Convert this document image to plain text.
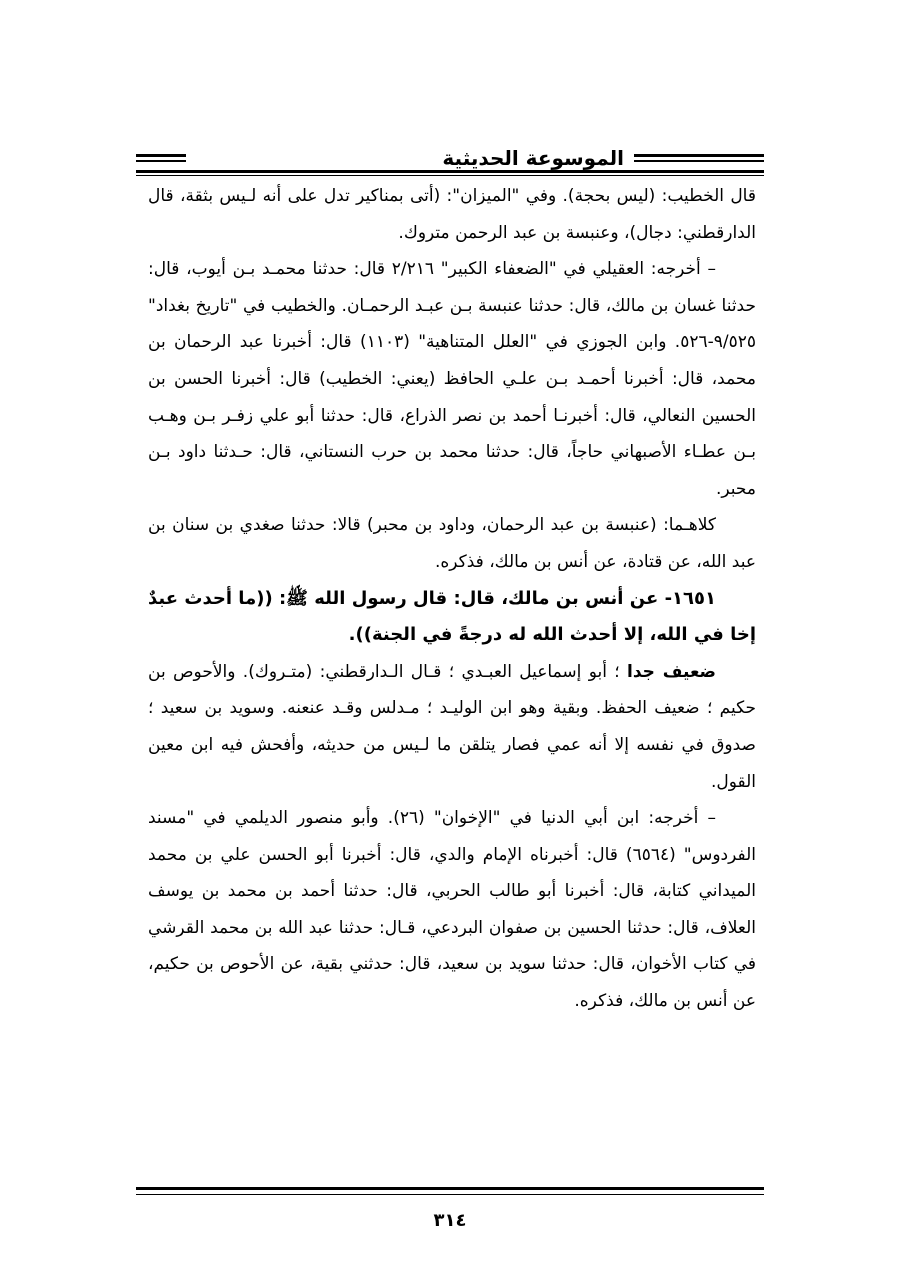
الموسوعة الحديثية

قال الخطيب: (ليس بحجة). وفي "الميزان": (أتى بمناكير تدل على أنه لـيس بثقة، قال الدارقطني: دجال)، وعنبسة بن عبد الرحمن متروك.

– أخرجه: العقيلي في "الضعفاء الكبير" ٢/٢١٦ قال: حدثنا محمـد بـن أيوب، قال: حدثنا غسان بن مالك، قال: حدثنا عنبسة بـن عبـد الرحمـان. والخطيب في "تاريخ بغداد" ٩/٥٢٥-٥٢٦. وابن الجوزي في "العلل المتناهية" (١١٠٣) قال: أخبرنا عبد الرحمان بن محمد، قال: أخبرنا أحمـد بـن علـي الحافظ (يعني: الخطيب) قال: أخبرنا الحسن بن الحسين النعالي، قال: أخبرنـا أحمد بن نصر الذراع، قال: حدثنا أبو علي زفـر بـن وهـب بـن عطـاء الأصبهاني حاجاً، قال: حدثنا محمد بن حرب النستاني، قال: حـدثنا داود بـن محبر.

كلاهـما: (عنبسة بن عبد الرحمان، وداود بن محبر) قالا: حدثنا صغدي بن سنان بن عبد الله، عن قتادة، عن أنس بن مالك، فذكره.

١٦٥١- عن أنس بن مالك، قال: قال رسول الله ﷺ: ((ما أحدث عبدٌ إخا في الله، إلا أحدث الله له درجةً في الجنة)).

ضعيف جدا ؛ أبو إسماعيل العبـدي ؛ قـال الـدارقطني: (متـروك). والأحوص بن حكيم ؛ ضعيف الحفظ. وبقية وهو ابن الوليـد ؛ مـدلس وقـد عنعنه. وسويد بن سعيد ؛ صدوق في نفسه إلا أنه عمي فصار يتلقن ما لـيس من حديثه، وأفحش فيه ابن معين القول.

– أخرجه: ابن أبي الدنيا في "الإخوان" (٢٦). وأبو منصور الديلمي في "مسند الفردوس" (٦٥٦٤) قال: أخبرناه الإمام والدي، قال: أخبرنا أبو الحسن علي بن محمد الميداني كتابة، قال: أخبرنا أبو طالب الحربي، قال: حدثنا أحمد بن محمد بن يوسف العلاف، قال: حدثنا الحسين بن صفوان البردعي، قـال: حدثنا عبد الله بن محمد القرشي في كتاب الأخوان، قال: حدثنا سويد بن سعيد، قال: حدثني بقية، عن الأحوص بن حكيم، عن أنس بن مالك، فذكره.

٣١٤
